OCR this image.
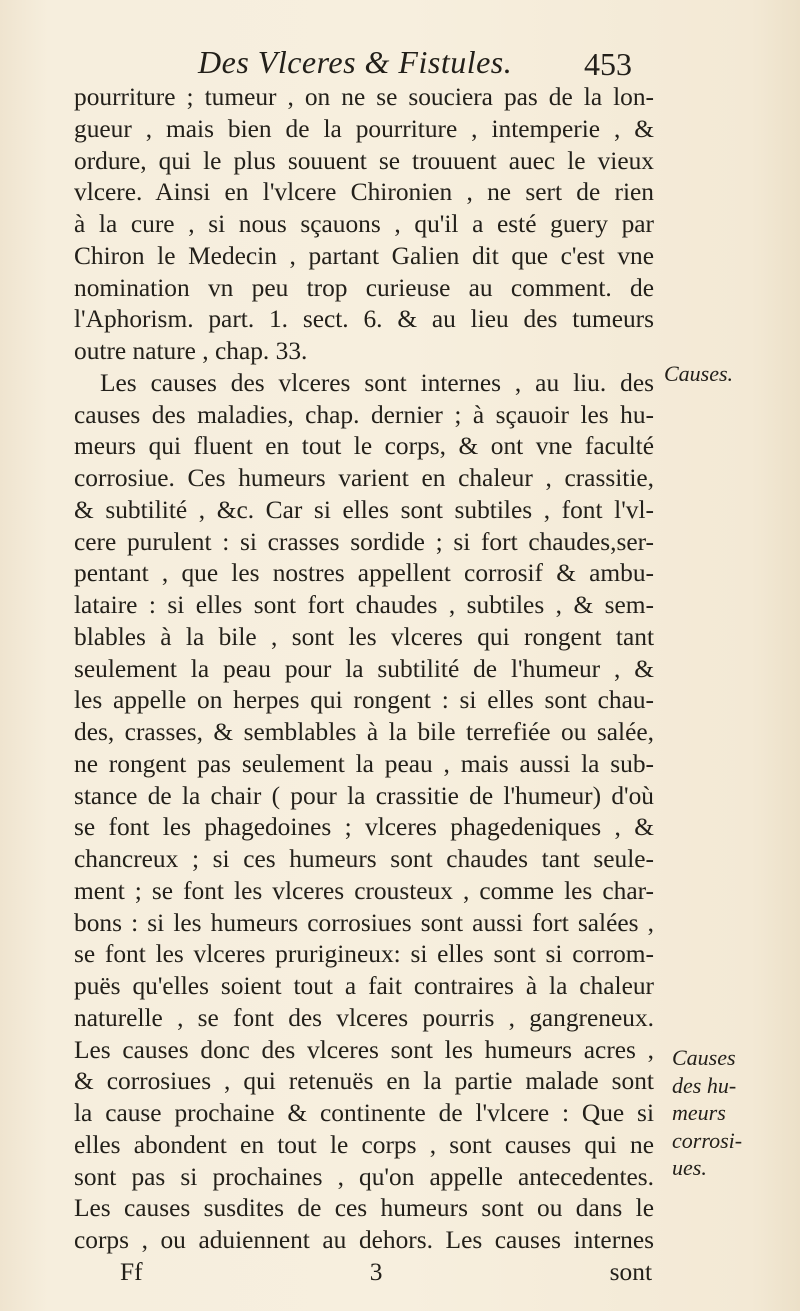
Des Vlceres & Fistules. 453
pourriture ; tumeur , on ne se souciera pas de la lon-
gueur , mais bien de la pourriture , intemperie , &
ordure, qui le plus souuent se trouuent auec le vieux
vlcere. Ainsi en l'vlcere Chironien , ne sert de rien
à la cure , si nous sçauons , qu'il a esté guery par
Chiron le Medecin , partant Galien dit que c'est vne
nomination vn peu trop curieuse au comment. de
l'Aphorism. part. 1. sect. 6. & au lieu des tumeurs
outre nature , chap. 33.
Les causes des vlceres sont internes , au liu. des
causes des maladies, chap. dernier ; à sçauoir les hu-
meurs qui fluent en tout le corps, & ont vne faculté
corrosiue. Ces humeurs varient en chaleur , crassitie,
& subtilité , &c. Car si elles sont subtiles , font l'vl-
cere purulent : si crasses sordide ; si fort chaudes,ser-
pentant , que les nostres appellent corrosif & ambu-
lataire : si elles sont fort chaudes , subtiles , & sem-
blables à la bile , sont les vlceres qui rongent tant
seulement la peau pour la subtilité de l'humeur , &
les appelle on herpes qui rongent : si elles sont chau-
des, crasses, & semblables à la bile terrefiée ou salée,
ne rongent pas seulement la peau , mais aussi la sub-
stance de la chair ( pour la crassitie de l'humeur) d'où
se font les phagedoines ; vlceres phagedeniques , &
chancreux ; si ces humeurs sont chaudes tant seule-
ment ; se font les vlceres crousteux , comme les char-
bons : si les humeurs corrosiues sont aussi fort salées ,
se font les vlceres prurigineux: si elles sont si corrom-
puës qu'elles soient tout a fait contraires à la chaleur
naturelle , se font des vlceres pourris , gangreneux.
Les causes donc des vlceres sont les humeurs acres ,
& corrosiues , qui retenuës en la partie malade sont
la cause prochaine & continente de l'vlcere : Que si
elles abondent en tout le corps , sont causes qui ne
sont pas si prochaines , qu'on appelle antecedentes.
Les causes susdites de ces humeurs sont ou dans le
corps , ou aduiennent au dehors. Les causes internes
Ff 3 sont
Causes.
Causes
des hu-
meurs
corrosi-
ues.
